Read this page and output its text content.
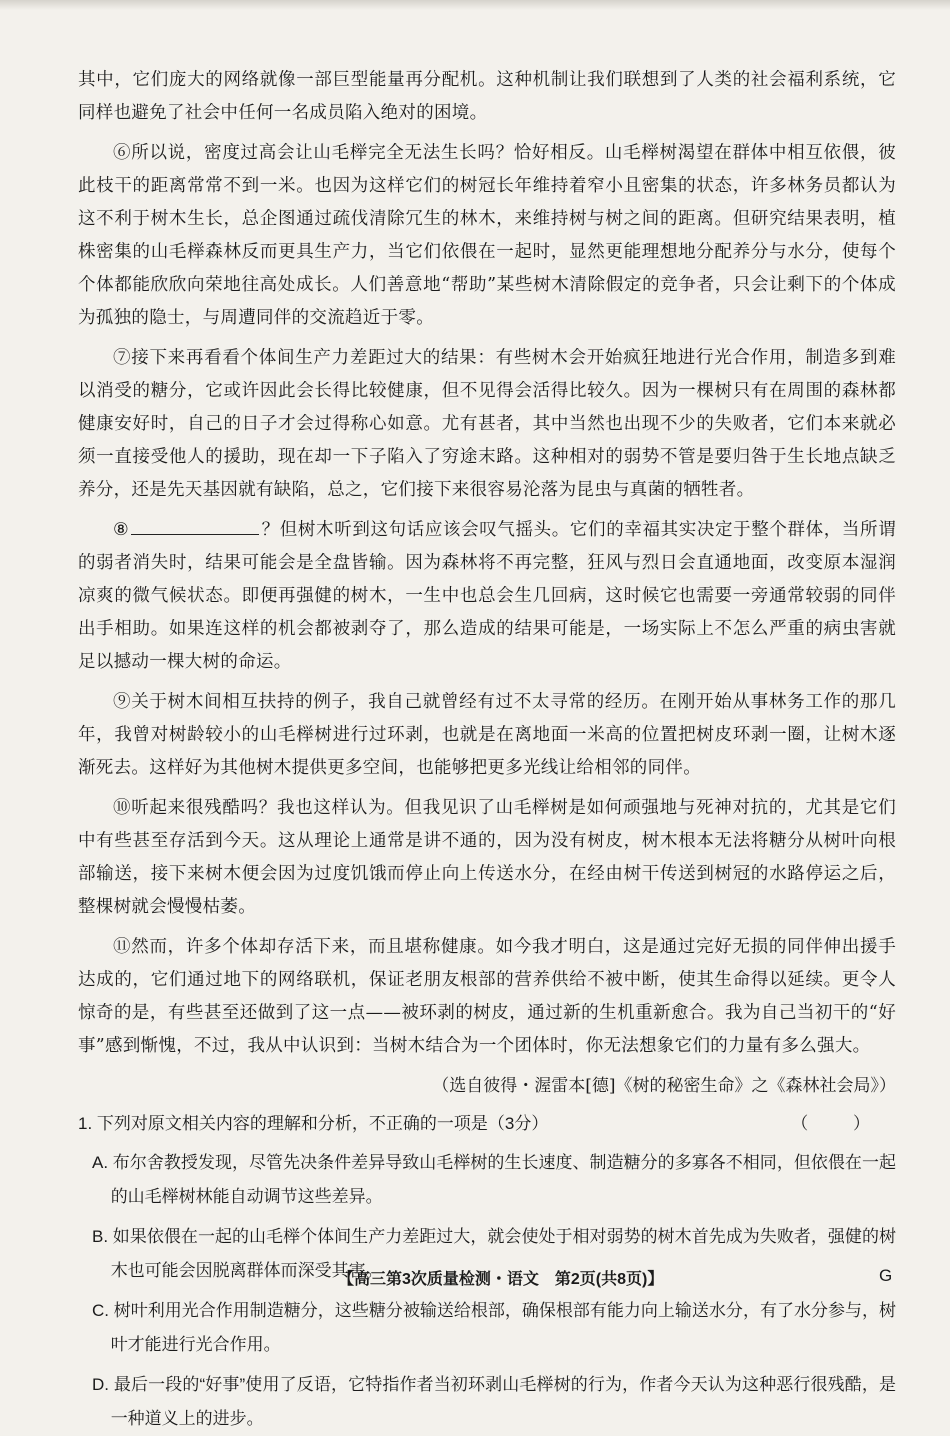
其中，它们庞大的网络就像一部巨型能量再分配机。这种机制让我们联想到了人类的社会福利系统，它同样也避免了社会中任何一名成员陷入绝对的困境。

⑥所以说，密度过高会让山毛榉完全无法生长吗？恰好相反。山毛榉树渴望在群体中相互依偎，彼此枝干的距离常常不到一米。也因为这样它们的树冠长年维持着窄小且密集的状态，许多林务员都认为这不利于树木生长，总企图通过疏伐清除冗生的林木，来维持树与树之间的距离。但研究结果表明，植株密集的山毛榉森林反而更具生产力，当它们依偎在一起时，显然更能理想地分配养分与水分，使每个个体都能欣欣向荣地往高处成长。人们善意地“帮助”某些树木清除假定的竞争者，只会让剩下的个体成为孤独的隐士，与周遭同伴的交流趋近于零。

⑦接下来再看看个体间生产力差距过大的结果：有些树木会开始疯狂地进行光合作用，制造多到难以消受的糖分，它或许因此会长得比较健康，但不见得会活得比较久。因为一棵树只有在周围的森林都健康安好时，自己的日子才会过得称心如意。尤有甚者，其中当然也出现不少的失败者，它们本来就必须一直接受他人的援助，现在却一下子陷入了穷途末路。这种相对的弱势不管是要归咎于生长地点缺乏养分，还是先天基因就有缺陷，总之，它们接下来很容易沦落为昆虫与真菌的牺牲者。

⑧	？但树木听到这句话应该会叹气摇头。它们的幸福其实决定于整个群体，当所谓的弱者消失时，结果可能会是全盘皆输。因为森林将不再完整，狂风与烈日会直通地面，改变原本湿润凉爽的微气候状态。即便再强健的树木，一生中也总会生几回病，这时候它也需要一旁通常较弱的同伴出手相助。如果连这样的机会都被剥夺了，那么造成的结果可能是，一场实际上不怎么严重的病虫害就足以撼动一棵大树的命运。

⑨关于树木间相互扶持的例子，我自己就曾经有过不太寻常的经历。在刚开始从事林务工作的那几年，我曾对树龄较小的山毛榉树进行过环剥，也就是在离地面一米高的位置把树皮环剥一圈，让树木逐渐死去。这样好为其他树木提供更多空间，也能够把更多光线让给相邻的同伴。

⑩听起来很残酷吗？我也这样认为。但我见识了山毛榉树是如何顽强地与死神对抗的，尤其是它们中有些甚至存活到今天。这从理论上通常是讲不通的，因为没有树皮，树木根本无法将糖分从树叶向根部输送，接下来树木便会因为过度饥饿而停止向上传送水分，在经由树干传送到树冠的水路停运之后，整棵树就会慢慢枯萎。

⑪然而，许多个体却存活下来，而且堪称健康。如今我才明白，这是通过完好无损的同伴伸出援手达成的，它们通过地下的网络联机，保证老朋友根部的营养供给不被中断，使其生命得以延续。更令人惊奇的是，有些甚至还做到了这一点——被环剥的树皮，通过新的生机重新愈合。我为自己当初干的“好事”感到惭愧，不过，我从中认识到：当树木结合为一个团体时，你无法想象它们的力量有多么强大。

（选自彼得・渥雷本[德]《树的秘密生命》之《森林社会局》）
1. 下列对原文相关内容的理解和分析，不正确的一项是（3分）	（ ）
A. 布尔舍教授发现，尽管先决条件差异导致山毛榉树的生长速度、制造糖分的多寡各不相同，但依偎在一起的山毛榉树林能自动调节这些差异。
B. 如果依偎在一起的山毛榉个体间生产力差距过大，就会使处于相对弱势的树木首先成为失败者，强健的树木也可能会因脱离群体而深受其害。
C. 树叶利用光合作用制造糖分，这些糖分被输送给根部，确保根部有能力向上输送水分，有了水分参与，树叶才能进行光合作用。
D. 最后一段的“好事”使用了反语，它特指作者当初环剥山毛榉树的行为，作者今天认为这种恶行很残酷，是一种道义上的进步。
【高三第3次质量检测・语文　第2页(共8页)】	G
